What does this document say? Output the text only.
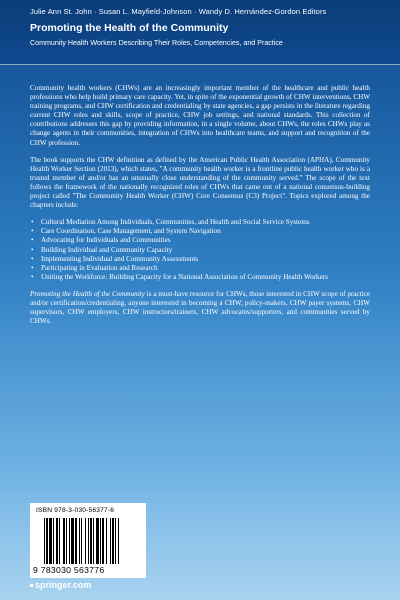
Julie Ann St. John · Susan L. Mayfield-Johnson · Wandy D. Hernández-Gordon Editors
Promoting the Health of the Community
Community Health Workers Describing Their Roles, Competencies, and Practice

Community health workers (CHWs) are an increasingly important member of the healthcare and public health professions who help build primary care capacity. Yet, in spite of the exponential growth of CHW interventions, CHW training programs, and CHW certification and credentialing by state agencies, a gap persists in the literature regarding current CHW roles and skills, scope of practice, CHW job settings, and national standards. This collection of contributions addresses this gap by providing information, in a single volume, about CHWs, the roles CHWs play as change agents in their communities, integration of CHWs into healthcare teams, and support and recognition of the CHW profession.

The book supports the CHW definition as defined by the American Public Health Association (APHA), Community Health Worker Section (2013), which states, "A community health worker is a frontline public health worker who is a trusted member of and/or has an unusually close understanding of the community served." The scope of the text follows the framework of the nationally recognized roles of CHWs that came out of a national consensus-building project called "The Community Health Worker (CHW) Core Consensus (C3) Project". Topics explored among the chapters include:

• Cultural Mediation Among Individuals, Communities, and Health and Social Service Systems
• Care Coordination, Case Management, and System Navigation
• Advocating for Individuals and Communities
• Building Individual and Community Capacity
• Implementing Individual and Community Assessments
• Participating in Evaluation and Research
• Uniting the Workforce: Building Capacity for a National Association of Community Health Workers

Promoting the Health of the Community is a must-have resource for CHWs, those interested in CHW scope of practice and/or certification/credentialing, anyone interested in becoming a CHW, policy-makers, CHW payer systems, CHW supervisors, CHW employers, CHW instructors/trainers, CHW advocates/supporters, and communities served by CHWs.

ISBN 978-3-030-56377-6
9 783030 563776
springer.com
